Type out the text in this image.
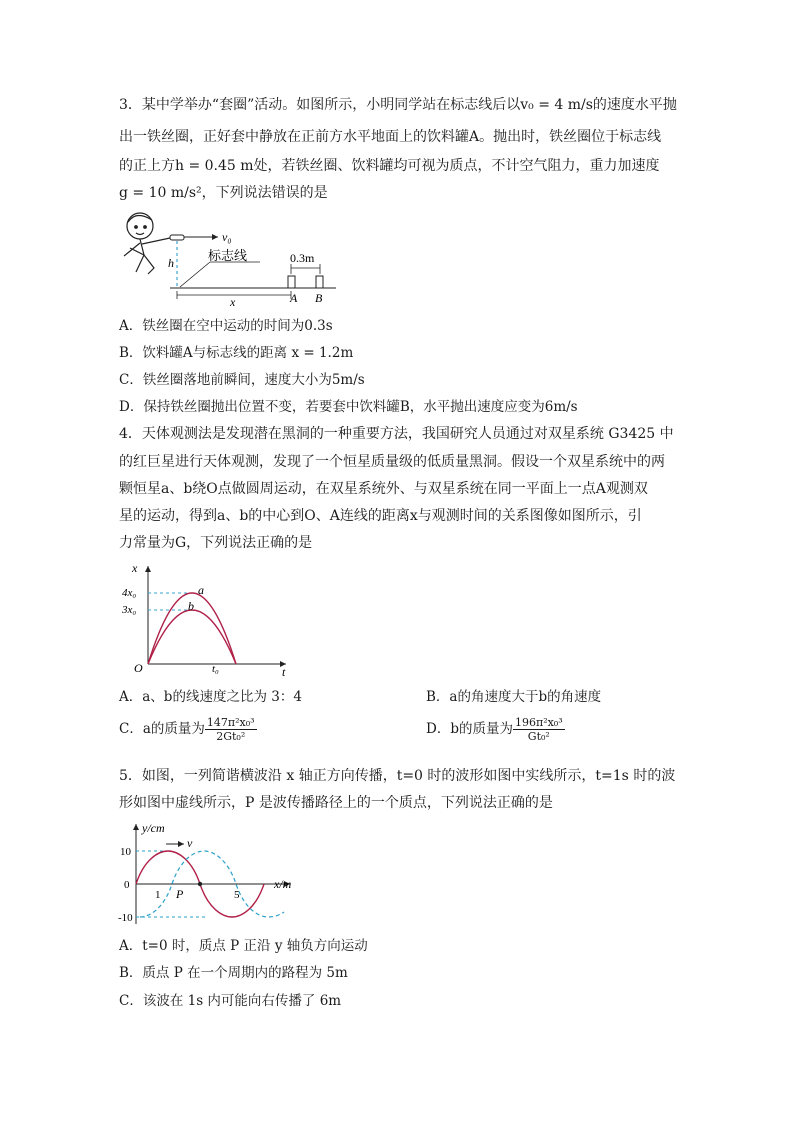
3．某中学举办“套圈”活动。如图所示，小明同学站在标志线后以v₀ = 4 m/s的速度水平抛
出一铁丝圈，正好套中静放在正前方水平地面上的饮料罐A。抛出时，铁丝圈位于标志线
的正上方h = 0.45 m处，若铁丝圈、饮料罐均可视为质点，不计空气阻力，重力加速度
g = 10 m/s²，下列说法错误的是
v₀
h	标志线	0.3m
x	A B
A．铁丝圈在空中运动的时间为0.3s
B．饮料罐A与标志线的距离 x = 1.2m
C．铁丝圈落地前瞬间，速度大小为5m/s
D．保持铁丝圈抛出位置不变，若要套中饮料罐B，水平抛出速度应变为6m/s
4．天体观测法是发现潜在黑洞的一种重要方法，我国研究人员通过对双星系统 G3425 中
的红巨星进行天体观测，发现了一个恒星质量级的低质量黑洞。假设一个双星系统中的两
颗恒星a、b绕O点做圆周运动，在双星系统外、与双星系统在同一平面上一点A观测双
星的运动，得到a、b的中心到O、A连线的距离x与观测时间的关系图像如图所示，引
力常量为G，下列说法正确的是
x
t
O
4x₀
3x₀
a
b
t₀
A．a、b的线速度之比为 3：4	B．a的角速度大于b的角速度
C．a的质量为 $\frac{\text{147π²x₀³}}{\text{2Gt₀²}}$	D．b的质量为 $\frac{\text{196π²x₀³}}{\text{Gt₀²}}$
5．如图，一列简谐横波沿 x 轴正方向传播，t=0 时的波形如图中实线所示，t=1s 时的波
形如图中虚线所示，P 是波传播路径上的一个质点，下列说法正确的是
y/cm
x/m
10
0
-10
v
P
1	5
A．t=0 时，质点 P 正沿 y 轴负方向运动
B．质点 P 在一个周期内的路程为 5m
C．该波在 1s 内可能向右传播了 6m
